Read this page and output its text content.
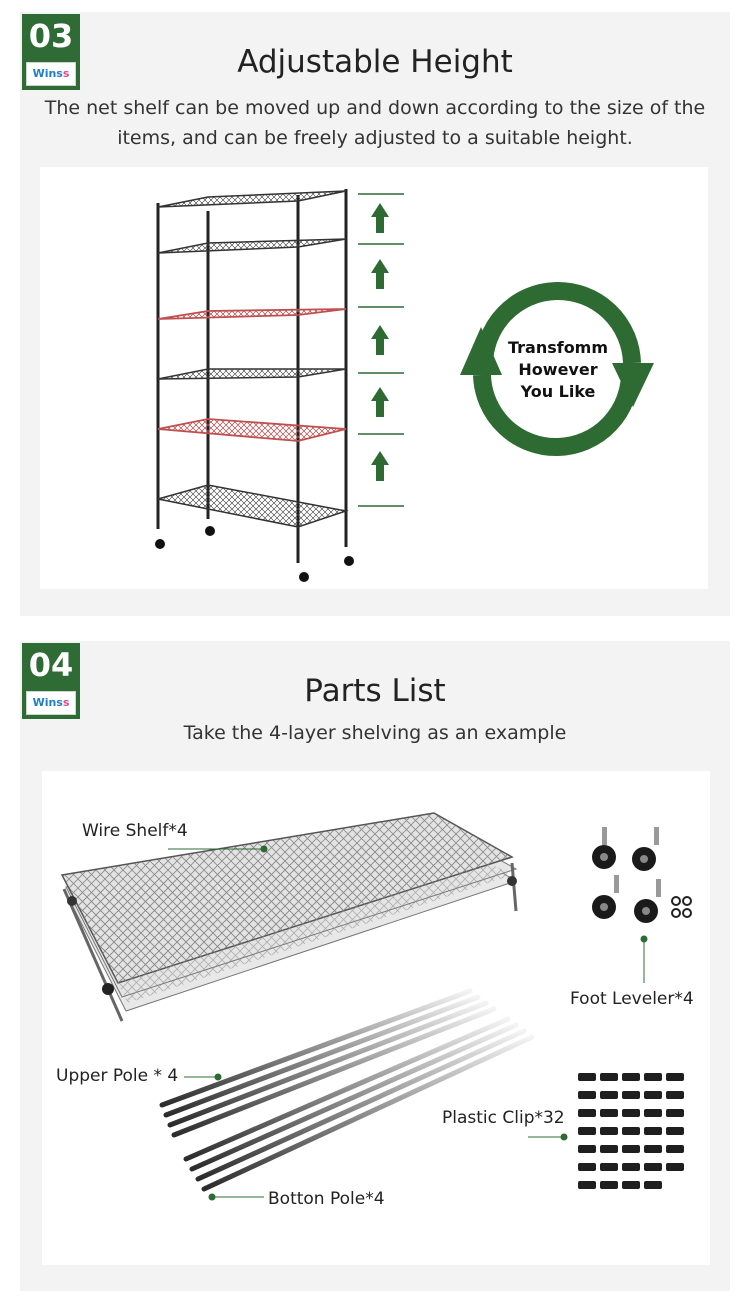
03
Winss	Adjustable Height
The net shelf can be moved up and down according to the size of the
items, and can be freely adjusted to a suitable height.
Transfomm
However
You Like
04
Winss	Parts List
Take the 4-layer shelving as an example
Wire Shelf*4
Foot Leveler*4
Upper Pole * 4
Plastic Clip*32
Botton Pole*4
